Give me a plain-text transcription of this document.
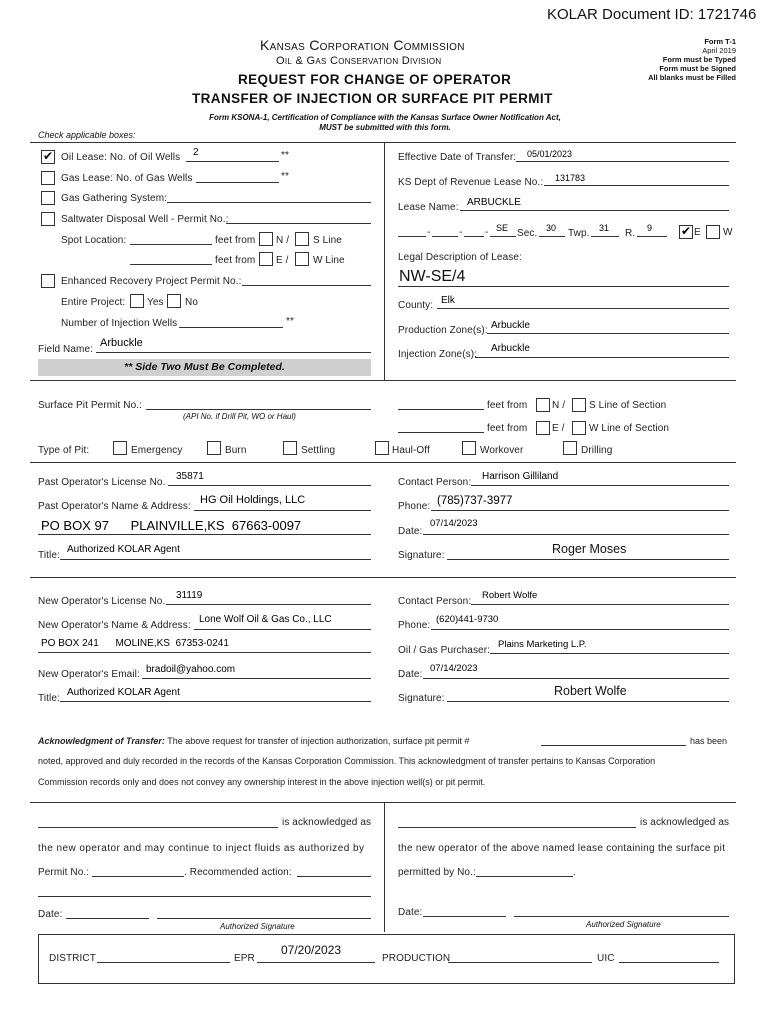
KOLAR Document ID: 1721746
Kansas Corporation Commission
Oil & Gas Conservation Division
REQUEST FOR CHANGE OF OPERATOR
TRANSFER OF INJECTION OR SURFACE PIT PERMIT
Form T-1
April 2019
Form must be Typed
Form must be Signed
All blanks must be Filled
Form KSONA-1, Certification of Compliance with the Kansas Surface Owner Notification Act,
MUST be submitted with this form.
Check applicable boxes:
✔
Oil Lease: No. of Oil Wells 2	**
Gas Lease: No. of Gas Wells	**
Gas Gathering System:
Saltwater Disposal Well - Permit No.:
Spot Location:	feet from N / S Line
feet from E / W Line
Enhanced Recovery Project Permit No.:
Entire Project: Yes No
Number of Injection Wells	**
Field Name:
Arbuckle
** Side Two Must Be Completed.
Effective Date of Transfer: 05/01/2023
KS Dept of Revenue Lease No.: 131783
Lease Name: ARBUCKLE
-	- - SE Sec. 30 Twp. 31 R. 9
✔	E W
Legal Description of Lease:
NW-SE/4
County: Elk
Production Zone(s): Arbuckle
Injection Zone(s):
Arbuckle
Surface Pit Permit No.:
(API No. if Drill Pit, WO or Haul)
feet from N / S Line of Section
feet from E / W Line of Section
Type of Pit:	Emergency	Burn	Settling	Haul-Off	Workover	Drilling
Past Operator's License No.
35871
Past Operator's Name & Address:
HG Oil Holdings, LLC
PO BOX 97      PLAINVILLE,KS  67663-0097
Title:
Authorized KOLAR Agent
Contact Person:
Harrison Gilliland
Phone: (785)737-3977
Date:
07/14/2023
Signature:	Roger Moses
New Operator's License No.
31119
New Operator's Name & Address:
Lone Wolf Oil & Gas Co., LLC
PO BOX 241      MOLINE,KS  67353-0241
New Operator's Email: bradoil@yahoo.com
Title:
Authorized KOLAR Agent
Contact Person:
Robert Wolfe
Phone:
(620)441-9730
Oil / Gas Purchaser:
Plains Marketing L.P.
Date:
07/14/2023
Signature:
Robert Wolfe
Acknowledgment of Transfer: The above request for transfer of injection authorization, surface pit permit #	has been
noted, approved and duly recorded in the records of the Kansas Corporation Commission. This acknowledgment of transfer pertains to Kansas Corporation
Commission records only and does not convey any ownership interest in the above injection well(s) or pit permit.
is acknowledged as
the new operator and may continue to inject fluids as authorized by
Permit No.:	. Recommended action:
Date:
Authorized Signature
is acknowledged as
the new operator of the above named lease containing the surface pit
permitted by No.:	.
Date:
Authorized Signature
DISTRICT	EPR
07/20/2023
PRODUCTION	UIC
